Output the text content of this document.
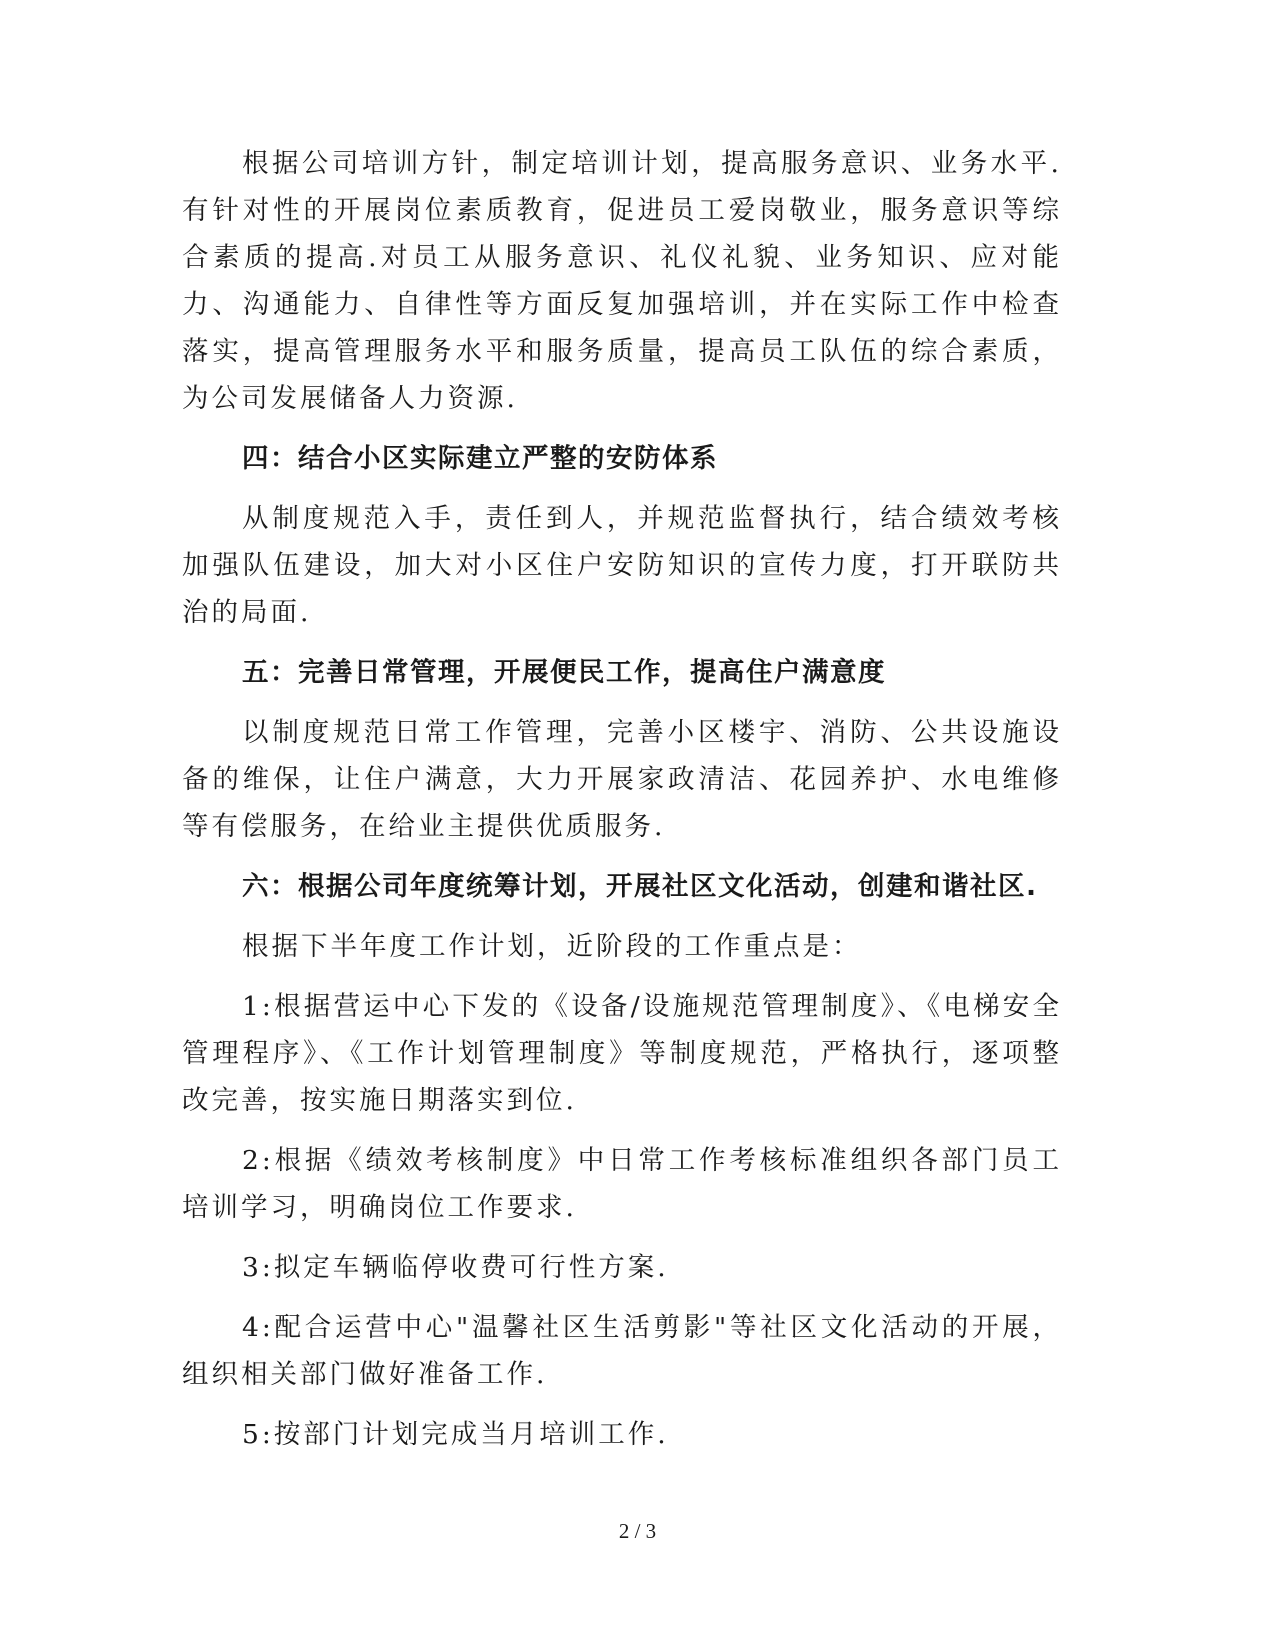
根据公司培训方针，制定培训计划，提高服务意识、业务水平.有针对性的开展岗位素质教育，促进员工爱岗敬业，服务意识等综合素质的提高.对员工从服务意识、礼仪礼貌、业务知识、应对能力、沟通能力、自律性等方面反复加强培训，并在实际工作中检查落实，提高管理服务水平和服务质量，提高员工队伍的综合素质，为公司发展储备人力资源.

四：结合小区实际建立严整的安防体系

从制度规范入手，责任到人，并规范监督执行，结合绩效考核加强队伍建设，加大对小区住户安防知识的宣传力度，打开联防共治的局面.

五：完善日常管理，开展便民工作，提高住户满意度

以制度规范日常工作管理，完善小区楼宇、消防、公共设施设备的维保，让住户满意，大力开展家政清洁、花园养护、水电维修等有偿服务，在给业主提供优质服务.

六：根据公司年度统筹计划，开展社区文化活动，创建和谐社区.

根据下半年度工作计划，近阶段的工作重点是：

1:根据营运中心下发的《设备/设施规范管理制度》、《电梯安全管理程序》、《工作计划管理制度》等制度规范，严格执行，逐项整改完善，按实施日期落实到位.

2:根据《绩效考核制度》中日常工作考核标准组织各部门员工培训学习，明确岗位工作要求.

3:拟定车辆临停收费可行性方案.

4:配合运营中心"温馨社区生活剪影"等社区文化活动的开展，组织相关部门做好准备工作.

5:按部门计划完成当月培训工作.

2 / 3
